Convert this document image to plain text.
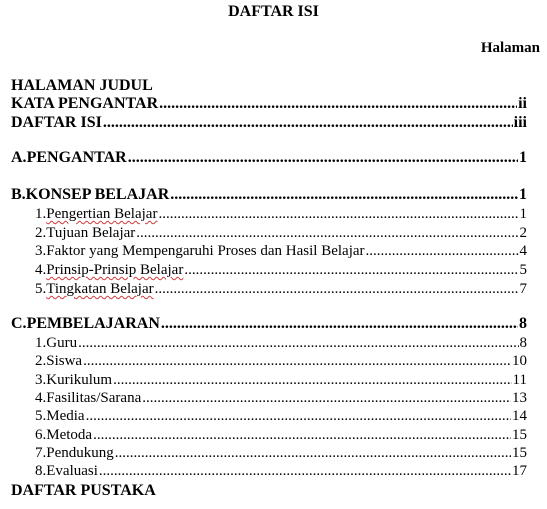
DAFTAR ISI
Halaman
HALAMAN JUDUL
KATA PENGANTAR .....	ii
DAFTAR ISI .....	iii
A. PENGANTAR .....	1
B. KONSEP BELAJAR .....	1
1. Pengertian Belajar .....	1
2. Tujuan Belajar .....	2
3. Faktor yang Mempengaruhi Proses dan Hasil Belajar .....	4
4. Prinsip-Prinsip Belajar .....	5
5. Tingkatan Belajar .....	7
C. PEMBELAJARAN .....	8
1. Guru .....	8
2. Siswa .....	10
3. Kurikulum .....	11
4. Fasilitas/Sarana .....	13
5. Media .....	14
6. Metoda .....	15
7. Pendukung .....	15
8. Evaluasi .....	17
DAFTAR PUSTAKA
